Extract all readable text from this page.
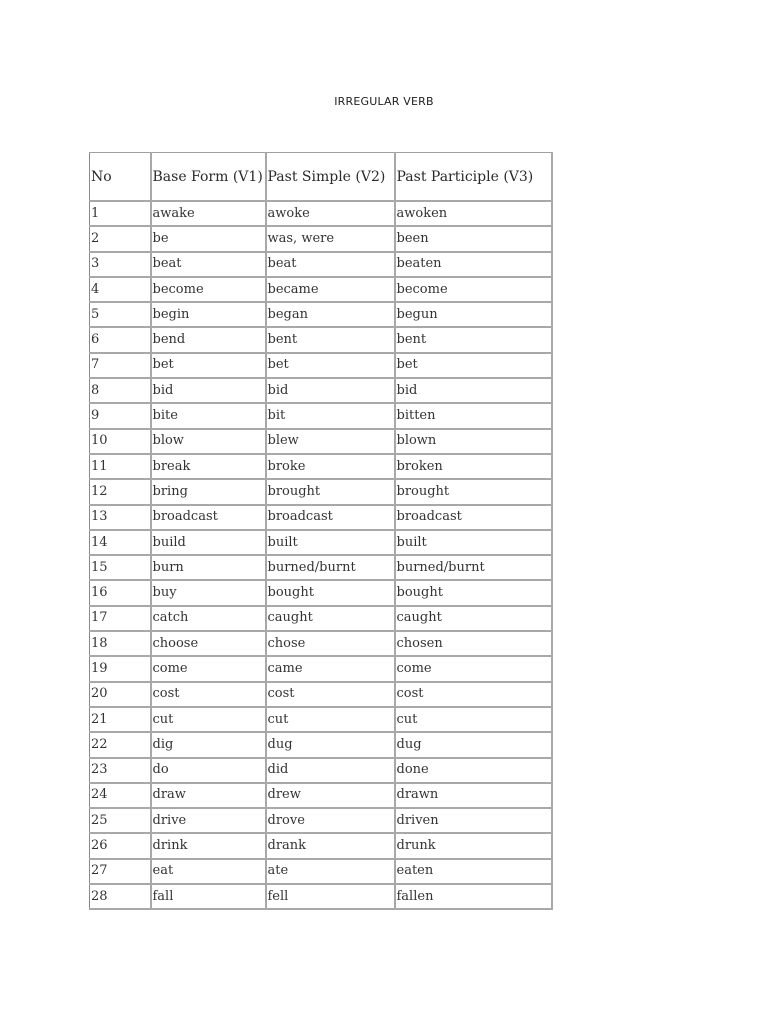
IRREGULAR VERB
No	Base Form (V1)	Past Simple (V2)	Past Participle (V3)
1	awake	awoke	awoken
2	be	was, were	been
3	beat	beat	beaten
4	become	became	become
5	begin	began	begun
6	bend	bent	bent
7	bet	bet	bet
8	bid	bid	bid
9	bite	bit	bitten
10	blow	blew	blown
11	break	broke	broken
12	bring	brought	brought
13	broadcast	broadcast	broadcast
14	build	built	built
15	burn	burned/burnt	burned/burnt
16	buy	bought	bought
17	catch	caught	caught
18	choose	chose	chosen
19	come	came	come
20	cost	cost	cost
21	cut	cut	cut
22	dig	dug	dug
23	do	did	done
24	draw	drew	drawn
25	drive	drove	driven
26	drink	drank	drunk
27	eat	ate	eaten
28	fall	fell	fallen
